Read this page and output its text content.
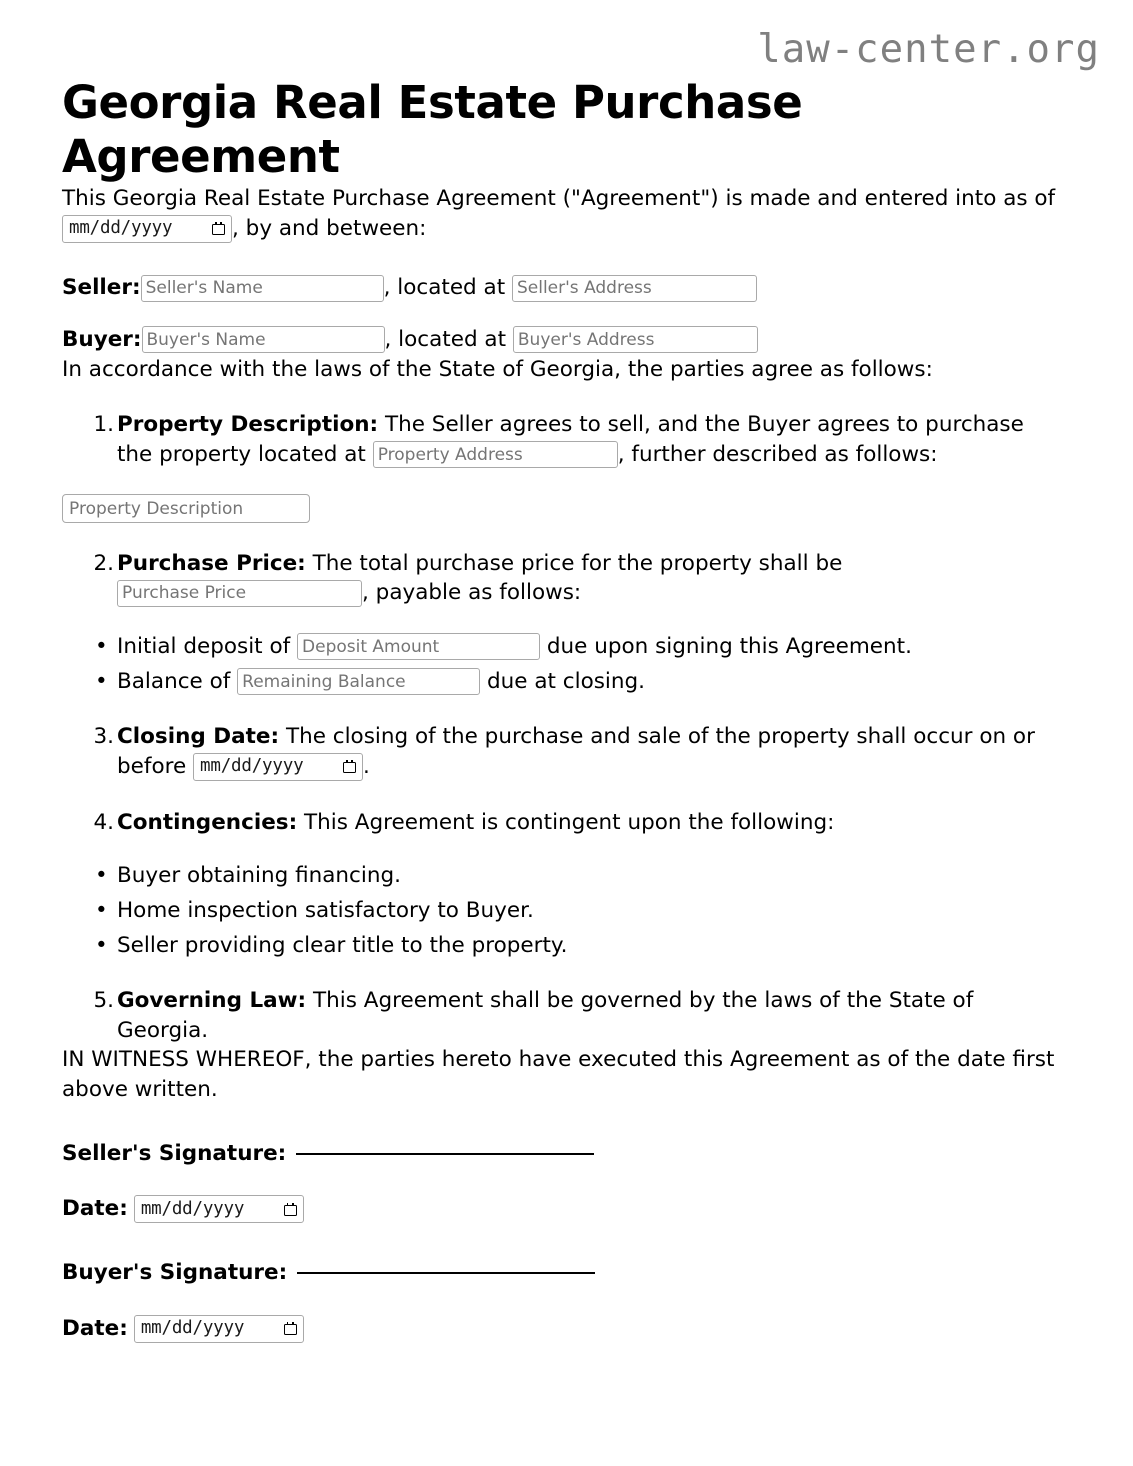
law-center.org
Georgia Real Estate Purchase Agreement

This Georgia Real Estate Purchase Agreement ("Agreement") is made and entered into as of
mm/dd/yyyy	, by and between:

Seller:Seller's Name	, located at Seller's Address
Buyer:Buyer's Name	, located at Buyer's Address

In accordance with the laws of the State of Georgia, the parties agree as follows:

1. Property Description: The Seller agrees to sell, and the Buyer agrees to purchase the property located at Property Address	, further described as follows:
Property Description
2. Purchase Price: The total purchase price for the property shall be
Purchase Price, payable as follows:
• Initial deposit of Deposit Amount	due upon signing this Agreement.
• Balance of Remaining Balance	due at closing.
3. Closing Date: The closing of the purchase and sale of the property shall occur on or before mm/dd/yyyy	.
4. Contingencies: This Agreement is contingent upon the following:
• Buyer obtaining financing.
• Home inspection satisfactory to Buyer.
• Seller providing clear title to the property.
5. Governing Law: This Agreement shall be governed by the laws of the State of Georgia.

IN WITNESS WHEREOF, the parties hereto have executed this Agreement as of the date first above written.

Seller's Signature:
Date: mm/dd/yyyy
Buyer's Signature:
Date: mm/dd/yyyy
